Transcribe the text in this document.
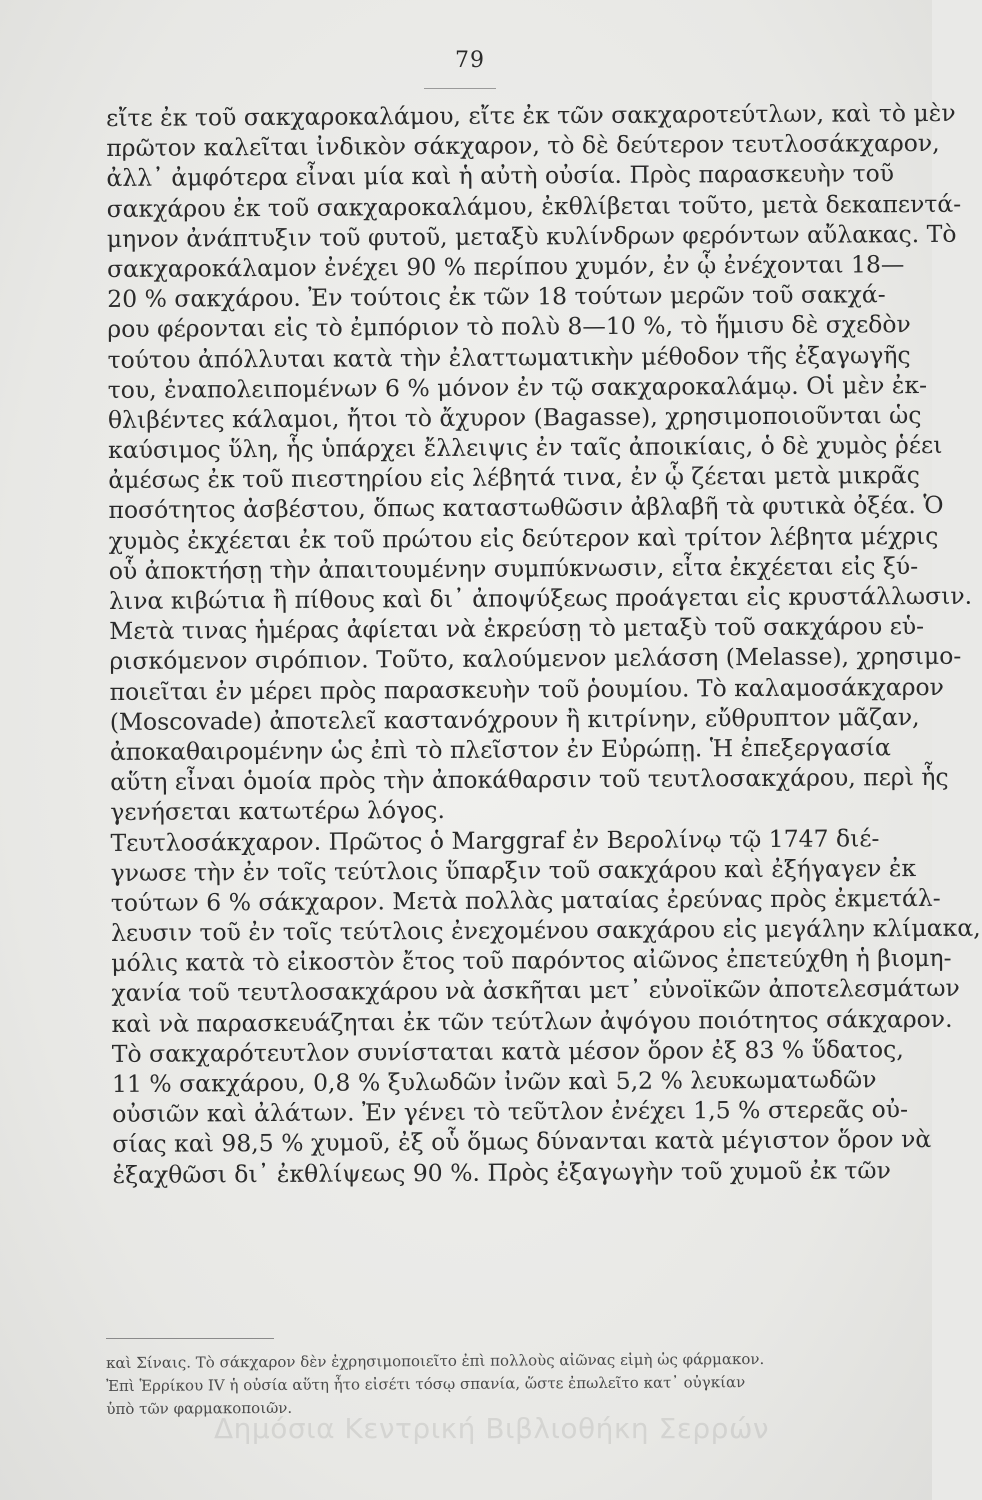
79
εἴτε ἐκ τοῦ σακχαροκαλάμου, εἴτε ἐκ τῶν σακχαροτεύτλων, καὶ τὸ μὲν
πρῶτον καλεῖται ἰνδικὸν σάκχαρον, τὸ δὲ δεύτερον τευτλοσάκχαρον,
ἀλλ᾽ ἀμφότερα εἶναι μία καὶ ἡ αὐτὴ οὐσία. Πρὸς παρασκευὴν τοῦ
σακχάρου ἐκ τοῦ σακχαροκαλάμου, ἐκθλίβεται τοῦτο, μετὰ δεκαπεντά-
μηνον ἀνάπτυξιν τοῦ φυτοῦ, μεταξὺ κυλίνδρων φερόντων αὔλακας. Τὸ
σακχαροκάλαμον ἐνέχει 90 % περίπου χυμόν, ἐν ᾧ ἐνέχονται 18—
20 % σακχάρου. Ἐν τούτοις ἐκ τῶν 18 τούτων μερῶν τοῦ σακχά-
ρου φέρονται εἰς τὸ ἐμπόριον τὸ πολὺ 8—10 %, τὸ ἥμισυ δὲ σχεδὸν
τούτου ἀπόλλυται κατὰ τὴν ἐλαττωματικὴν μέθοδον τῆς ἐξαγωγῆς
του, ἐναπολειπομένων 6 % μόνον ἐν τῷ σακχαροκαλάμῳ. Οἱ μὲν ἐκ-
θλιβέντες κάλαμοι, ἤτοι τὸ ἄχυρον (Bagasse), χρησιμοποιοῦνται ὡς
καύσιμος ὕλη, ἧς ὑπάρχει ἔλλειψις ἐν ταῖς ἀποικίαις, ὁ δὲ χυμὸς ῥέει
ἀμέσως ἐκ τοῦ πιεστηρίου εἰς λέβητά τινα, ἐν ᾧ ζέεται μετὰ μικρᾶς
ποσότητος ἀσβέστου, ὅπως καταστωθῶσιν ἀβλαβῆ τὰ φυτικὰ ὀξέα. Ὁ
χυμὸς ἐκχέεται ἐκ τοῦ πρώτου εἰς δεύτερον καὶ τρίτον λέβητα μέχρις
οὗ ἀποκτήσῃ τὴν ἀπαιτουμένην συμπύκνωσιν, εἶτα ἐκχέεται εἰς ξύ-
λινα κιβώτια ἢ πίθους καὶ δι᾽ ἀποψύξεως προάγεται εἰς κρυστάλλωσιν.
Μετὰ τινας ἡμέρας ἀφίεται νὰ ἐκρεύσῃ τὸ μεταξὺ τοῦ σακχάρου εὑ-
ρισκόμενον σιρόπιον. Τοῦτο, καλούμενον μελάσση (Melasse), χρησιμο-
ποιεῖται ἐν μέρει πρὸς παρασκευὴν τοῦ ῥουμίου. Τὸ καλαμοσάκχαρον
(Moscovade) ἀποτελεῖ καστανόχρουν ἢ κιτρίνην, εὔθρυπτον μᾶζαν,
ἀποκαθαιρομένην ὡς ἐπὶ τὸ πλεῖστον ἐν Εὐρώπῃ. Ἡ ἐπεξεργασία
αὕτη εἶναι ὁμοία πρὸς τὴν ἀποκάθαρσιν τοῦ τευτλοσακχάρου, περὶ ἧς
γενήσεται κατωτέρω λόγος.
Τευτλοσάκχαρον. Πρῶτος ὁ Marggraf ἐν Βερολίνῳ τῷ 1747 διέ-
γνωσε τὴν ἐν τοῖς τεύτλοις ὕπαρξιν τοῦ σακχάρου καὶ ἐξήγαγεν ἐκ
τούτων 6 % σάκχαρον. Μετὰ πολλὰς ματαίας ἐρεύνας πρὸς ἐκμετάλ-
λευσιν τοῦ ἐν τοῖς τεύτλοις ἐνεχομένου σακχάρου εἰς μεγάλην κλίμακα,
μόλις κατὰ τὸ εἰκοστὸν ἔτος τοῦ παρόντος αἰῶνος ἐπετεύχθη ἡ βιομη-
χανία τοῦ τευτλοσακχάρου νὰ ἀσκῆται μετ᾽ εὐνοϊκῶν ἀποτελεσμάτων
καὶ νὰ παρασκευάζηται ἐκ τῶν τεύτλων ἀψόγου ποιότητος σάκχαρον.
Τὸ σακχαρότευτλον συνίσταται κατὰ μέσον ὅρον ἐξ 83 % ὕδατος,
11 % σακχάρου, 0,8 % ξυλωδῶν ἰνῶν καὶ 5,2 % λευκωματωδῶν
οὐσιῶν καὶ ἀλάτων. Ἐν γένει τὸ τεῦτλον ἐνέχει 1,5 % στερεᾶς οὐ-
σίας καὶ 98,5 % χυμοῦ, ἐξ οὗ ὅμως δύνανται κατὰ μέγιστον ὅρον νὰ
ἐξαχθῶσι δι᾽ ἐκθλίψεως 90 %. Πρὸς ἐξαγωγὴν τοῦ χυμοῦ ἐκ τῶν
καὶ Σίναις. Τὸ σάκχαρον δὲν ἐχρησιμοποιεῖτο ἐπὶ πολλοὺς αἰῶνας εἰμὴ ὡς φάρμακον.
Ἐπὶ Ἑρρίκου IV ἡ οὐσία αὕτη ἦτο εἰσέτι τόσῳ σπανία, ὥστε ἐπωλεῖτο κατ᾽ οὐγκίαν
ὑπὸ τῶν φαρμακοποιῶν.
Δημόσια Κεντρική Βιβλιοθήκη Σερρών
